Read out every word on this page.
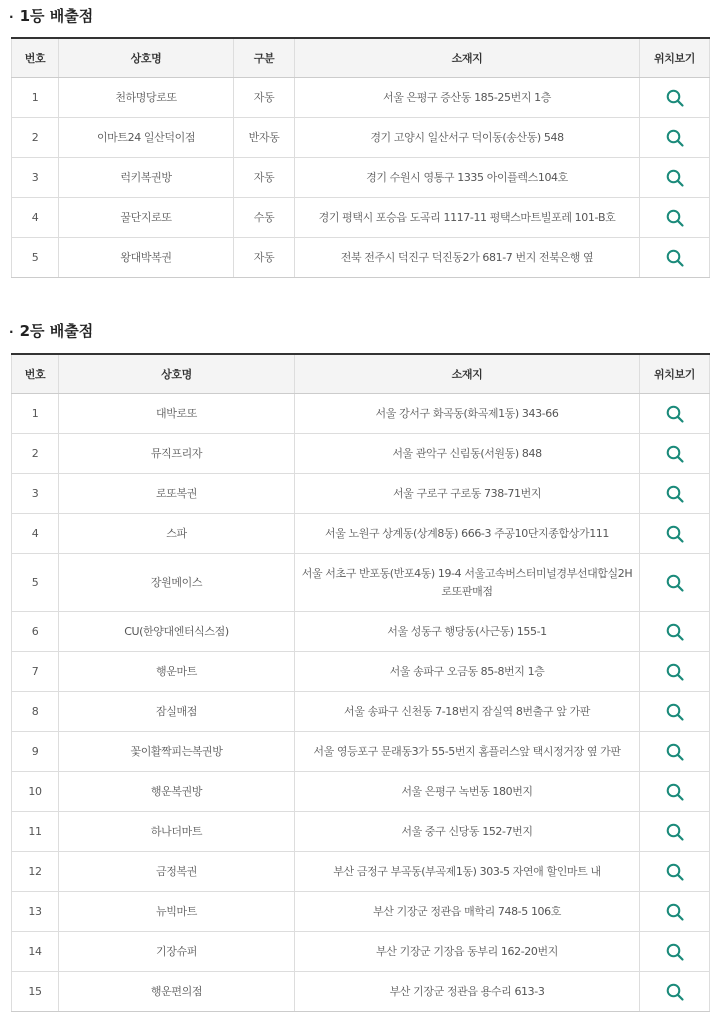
· 1등 배출점
번호	상호명	구분	소재지	위치보기
1	천하명당로또	자동	서울 은평구 증산동 185-25번지 1층	

2	이마트24 일산덕이점	반자동	경기 고양시 일산서구 덕이동(송산동) 548	

3	럭키복권방	자동	경기 수원시 영통구 1335 아이플렉스104호	

4	꿀단지로또	수동	경기 평택시 포승읍 도곡리 1117-11 평택스마트빌포레 101-B호	

5	왕대박복권	자동	전북 전주시 덕진구 덕진동2가 681-7 번지 전북은행 옆	
· 2등 배출점
번호	상호명	소재지	위치보기
1	대박로또	서울 강서구 화곡동(화곡제1동) 343-66	

2	뮤직프리자	서울 관악구 신림동(서원동) 848	

3	로또복권	서울 구로구 구로동 738-71번지	

4	스파	서울 노원구 상계동(상계8동) 666-3 주공10단지종합상가111	

5	장원메이스	서울 서초구 반포동(반포4동) 19-4 서울고속버스터미널경부선대합실2H로또판매점	

6	CU(한양대엔터식스점)	서울 성동구 행당동(사근동) 155-1	

7	행운마트	서울 송파구 오금동 85-8번지 1층	

8	잠실매점	서울 송파구 신천동 7-18번지 잠실역 8번출구 앞 가판	

9	꽃이활짝피는복권방	서울 영등포구 문래동3가 55-5번지 홈플러스앞 택시정거장 옆 가판	

10	행운복권방	서울 은평구 녹번동 180번지	

11	하나더마트	서울 중구 신당동 152-7번지	

12	금정복권	부산 금정구 부곡동(부곡제1동) 303-5 자연애 할인마트 내	

13	뉴빅마트	부산 기장군 정관읍 매학리 748-5 106호	

14	기장슈퍼	부산 기장군 기장읍 동부리 162-20번지	

15	행운편의점	부산 기장군 정관읍 용수리 613-3	
